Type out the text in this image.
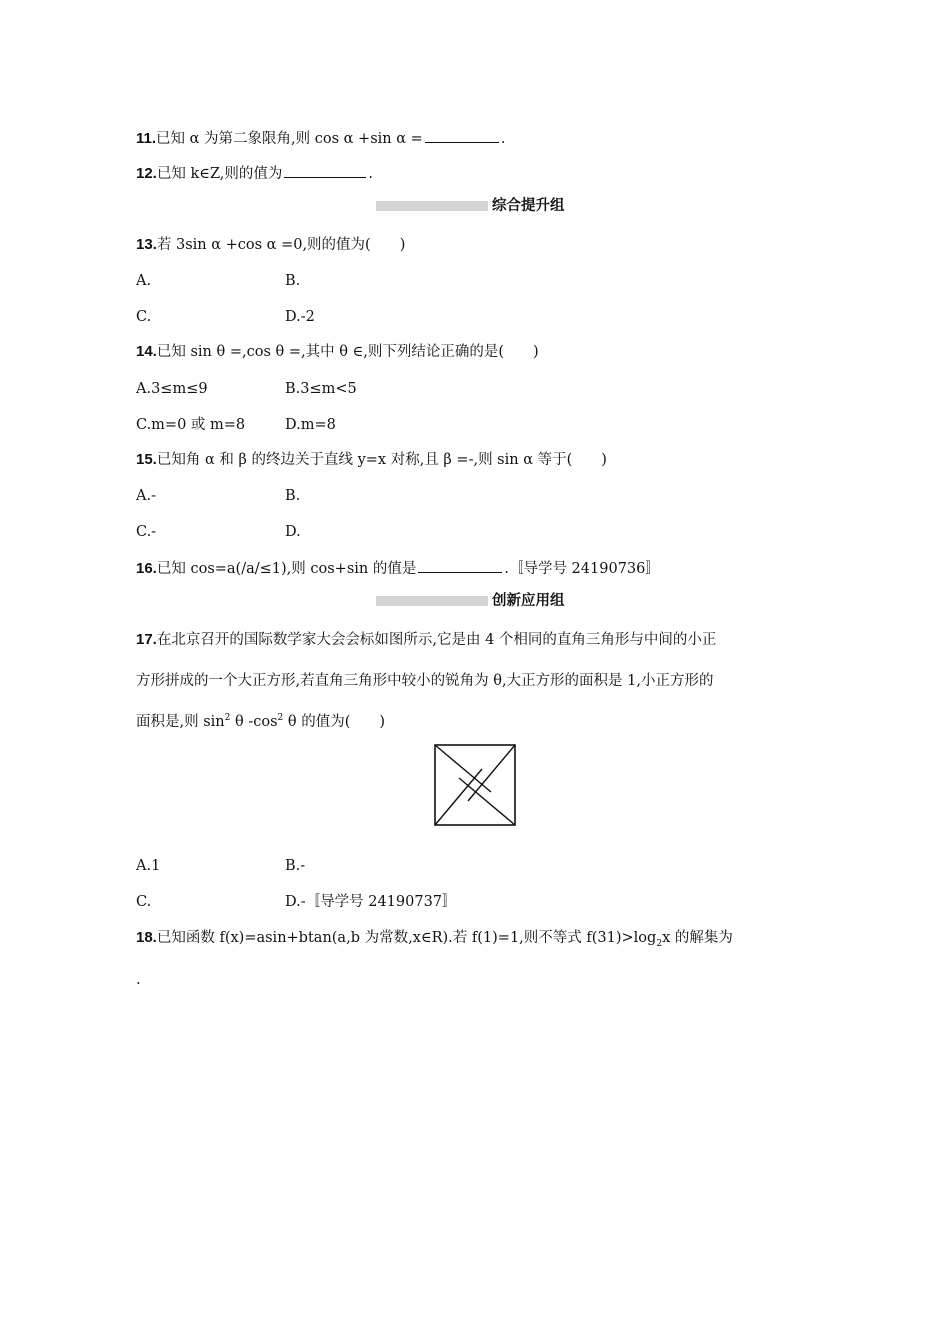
11.已知 α 为第二象限角,则 cos α +sin α =	.
12.已知 k∈Z,则的值为	.
综合提升组
13.若 3sin α +cos α =0,则的值为(　　)
A.	B.
C.	D.-2
14.已知 sin θ =,cos θ =,其中 θ ∈,则下列结论正确的是(　　)
A.3≤m≤9	B.3≤m<5
C.m=0 或 m=8	D.m=8
15.已知角 α 和 β 的终边关于直线 y=x 对称,且 β =-,则 sin α 等于(　　)
A.-	B.
C.-	D.
16.已知 cos=a(/a/≤1),则 cos+sin 的值是	.〚导学号 24190736〛
创新应用组
17.在北京召开的国际数学家大会会标如图所示,它是由 4 个相同的直角三角形与中间的小正
方形拼成的一个大正方形,若直角三角形中较小的锐角为 θ,大正方形的面积是 1,小正方形的
面积是,则 $\sin^2 \theta$ $-\cos^2$ θ 的值为(　　)
A.1	B.-
C.	D.-〚导学号 24190737〛
18.已知函数 f(x)=asin+btan(a,b 为常数,x∈R).若 f(1)=1,则不等式 $f(31)>\log_2x$ 的解集为
.
